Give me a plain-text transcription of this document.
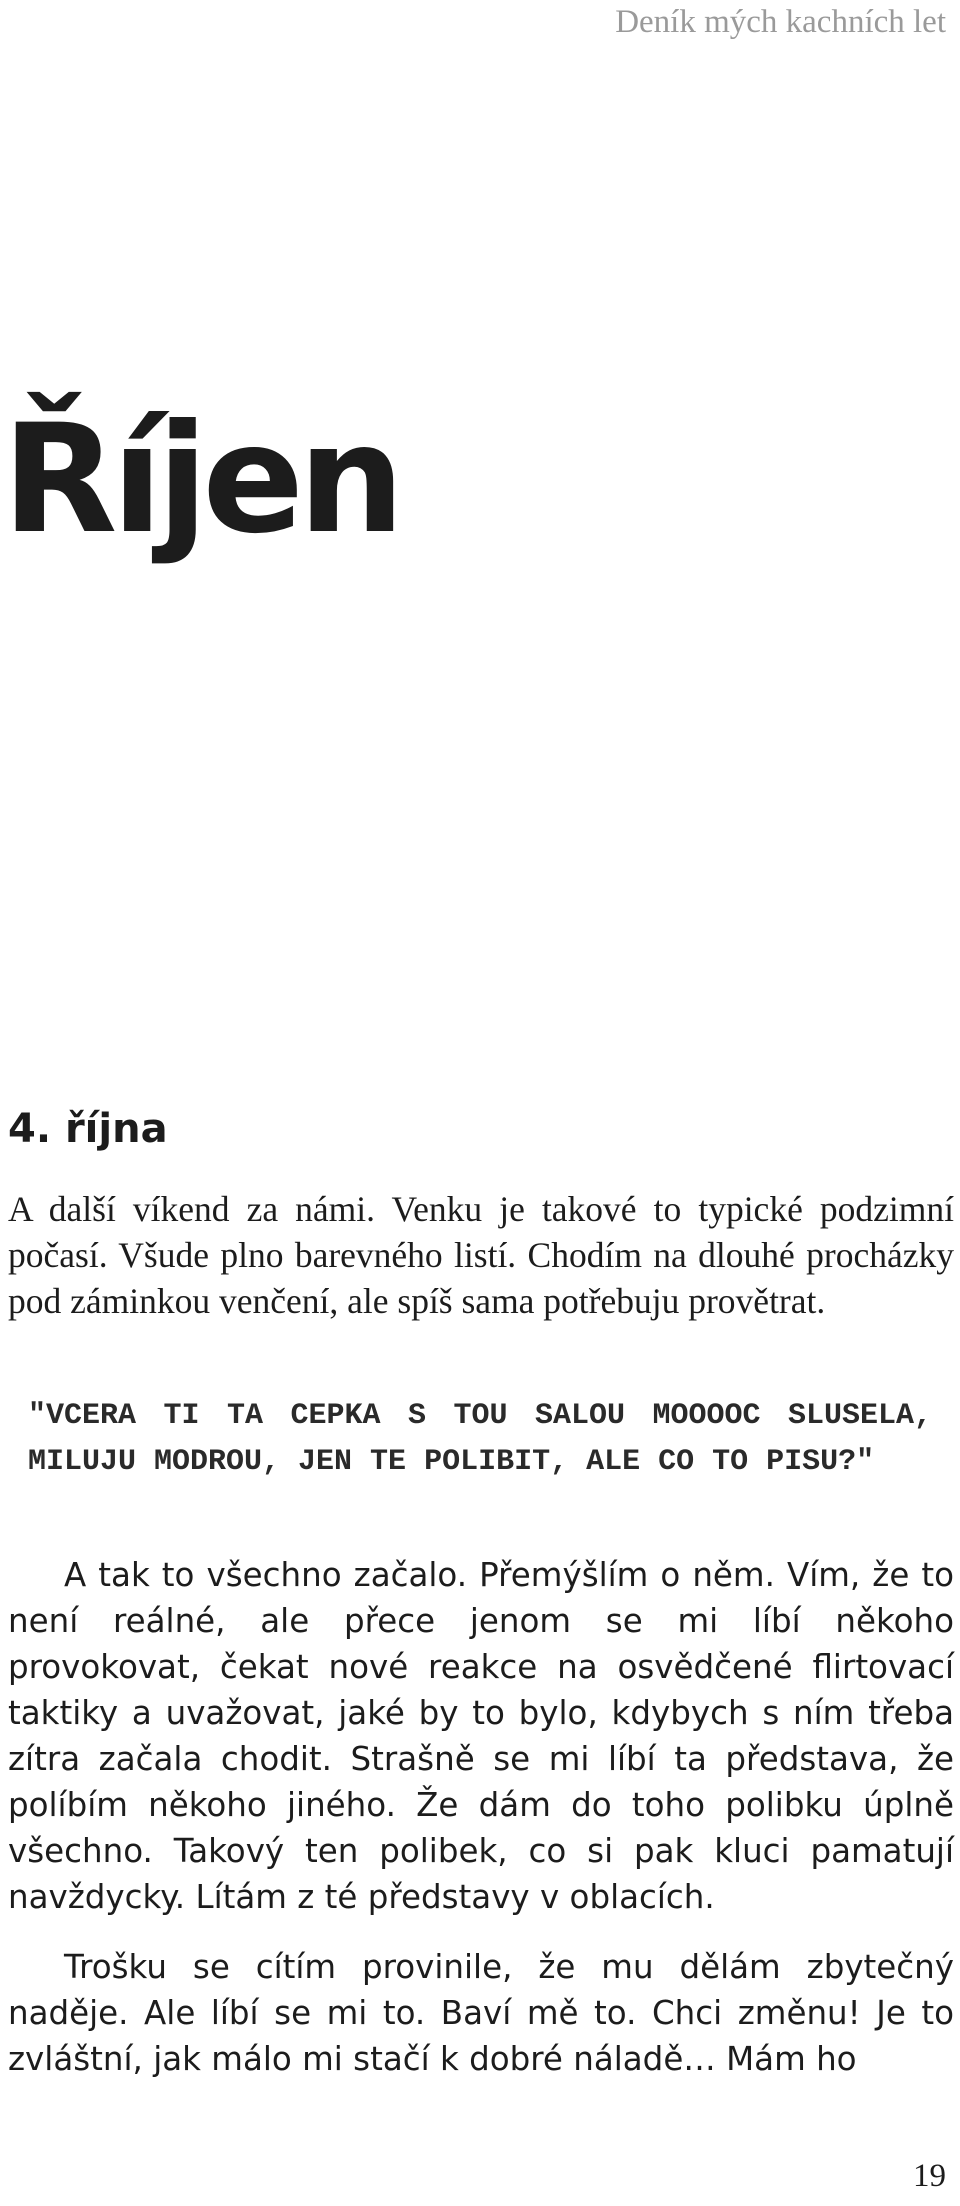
Deník mých kachních let
Říjen
4. října
A další víkend za námi. Venku je takové to typické podzimní počasí. Všude plno barevného listí. Chodím na dlouhé procházky pod záminkou venčení, ale spíš sama potřebuju provětrat.
"VCERA TI TA CEPKA S TOU SALOU MOOOOC SLUSELA, MILUJU MODROU, JEN TE POLIBIT, ALE CO TO PISU?"
A tak to všechno začalo. Přemýšlím o něm. Vím, že to není reálné, ale přece jenom se mi líbí někoho provokovat, čekat nové reakce na osvědčené flirtovací taktiky a uvažovat, jaké by to bylo, kdybych s ním třeba zítra začala chodit. Strašně se mi líbí ta představa, že políbím někoho jiného. Že dám do toho polibku úplně všechno. Takový ten polibek, co si pak kluci pamatují navždycky. Lítám z té představy v oblacích.
Trošku se cítím provinile, že mu dělám zbytečný naděje. Ale líbí se mi to. Baví mě to. Chci změnu! Je to zvláštní, jak málo mi stačí k dobré náladě… Mám ho
19
